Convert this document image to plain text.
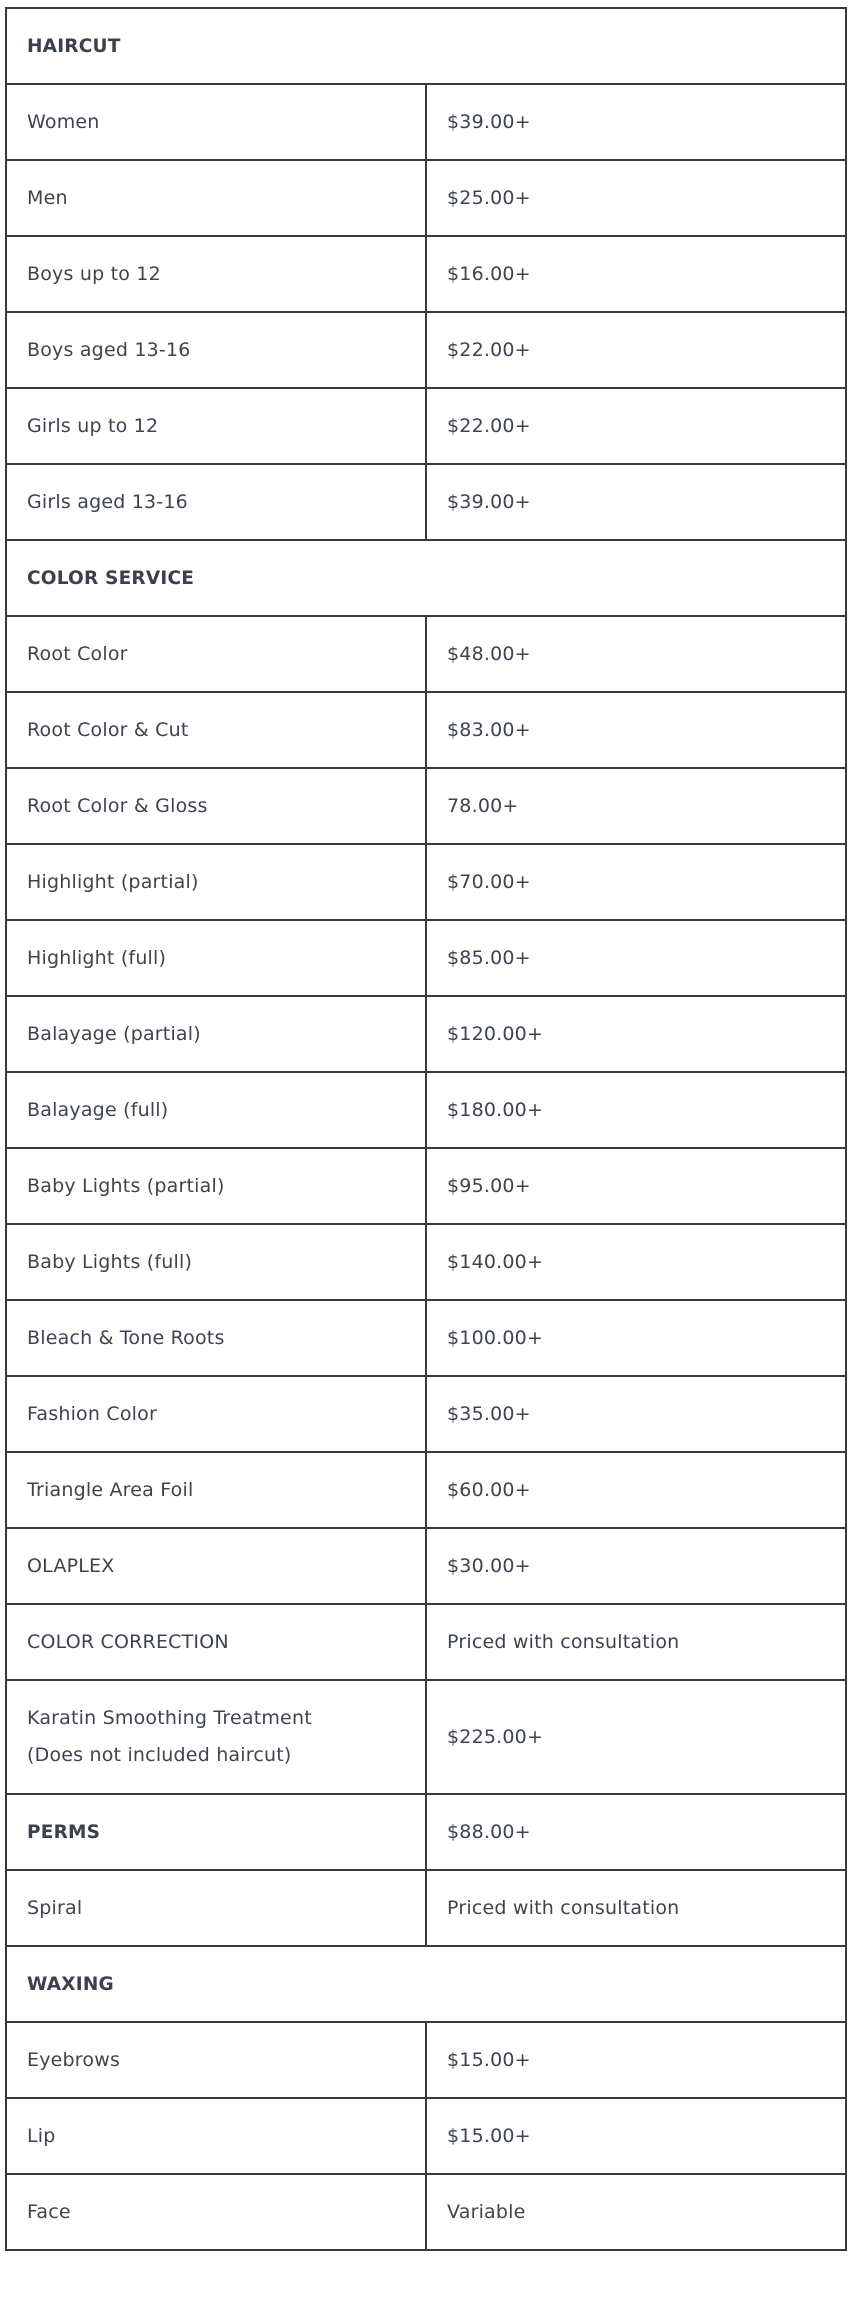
HAIRCUT	
Women	$39.00+
Men	$25.00+
Boys up to 12	$16.00+
Boys aged 13-16	$22.00+
Girls up to 12	$22.00+
Girls aged 13-16	$39.00+
COLOR SERVICE	
Root Color	$48.00+
Root Color & Cut	$83.00+
Root Color & Gloss	78.00+
Highlight (partial)	$70.00+
Highlight (full)	$85.00+
Balayage (partial)	$120.00+
Balayage (full)	$180.00+
Baby Lights (partial)	$95.00+
Baby Lights (full)	$140.00+
Bleach & Tone Roots	$100.00+
Fashion Color	$35.00+
Triangle Area Foil	$60.00+
OLAPLEX	$30.00+
COLOR CORRECTION	Priced with consultation
Karatin Smoothing Treatment
(Does not included haircut)	$225.00+
PERMS	$88.00+
Spiral	Priced with consultation
WAXING	
Eyebrows	$15.00+
Lip	$15.00+
Face	Variable
